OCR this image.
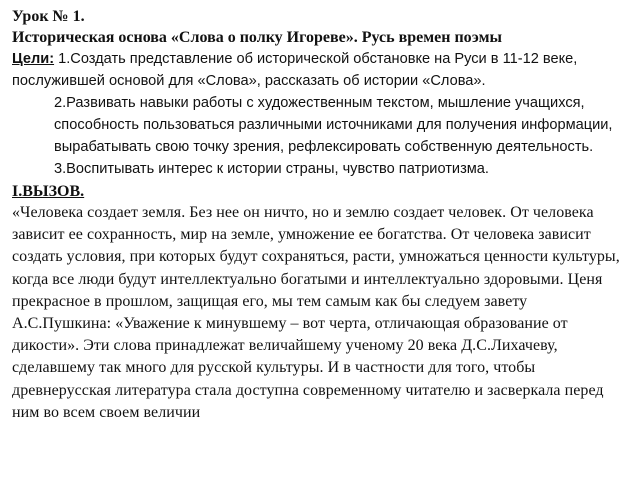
Урок № 1.

Историческая основа «Слова о полку Игореве». Русь времен поэмы

Цели: 1.Создать представление об исторической обстановке на Руси в 11-12 веке, послужившей основой для «Слова», рассказать об истории «Слова».

2.Развивать навыки работы с художественным текстом, мышление учащихся, способность пользоваться различными источниками для получения информации, вырабатывать свою точку зрения, рефлексировать собственную деятельность.

3.Воспитывать интерес к истории страны, чувство патриотизма.

I.ВЫЗОВ.

«Человека создает земля. Без нее он ничто, но и землю создает человек. От человека зависит ее сохранность, мир на земле, умножение ее богатства. От человека зависит создать условия, при которых будут сохраняться, расти, умножаться ценности культуры, когда все люди будут интеллектуально богатыми и интеллектуально здоровыми. Ценя прекрасное в прошлом, защищая его, мы тем самым как бы следуем завету А.С.Пушкина: «Уважение к минувшему – вот черта, отличающая образование от дикости». Эти слова принадлежат величайшему ученому 20 века Д.С.Лихачеву, сделавшему так много для русской культуры. И в частности для того, чтобы древнерусская литература стала доступна современному читателю и засверкала перед ним во всем своем величии
